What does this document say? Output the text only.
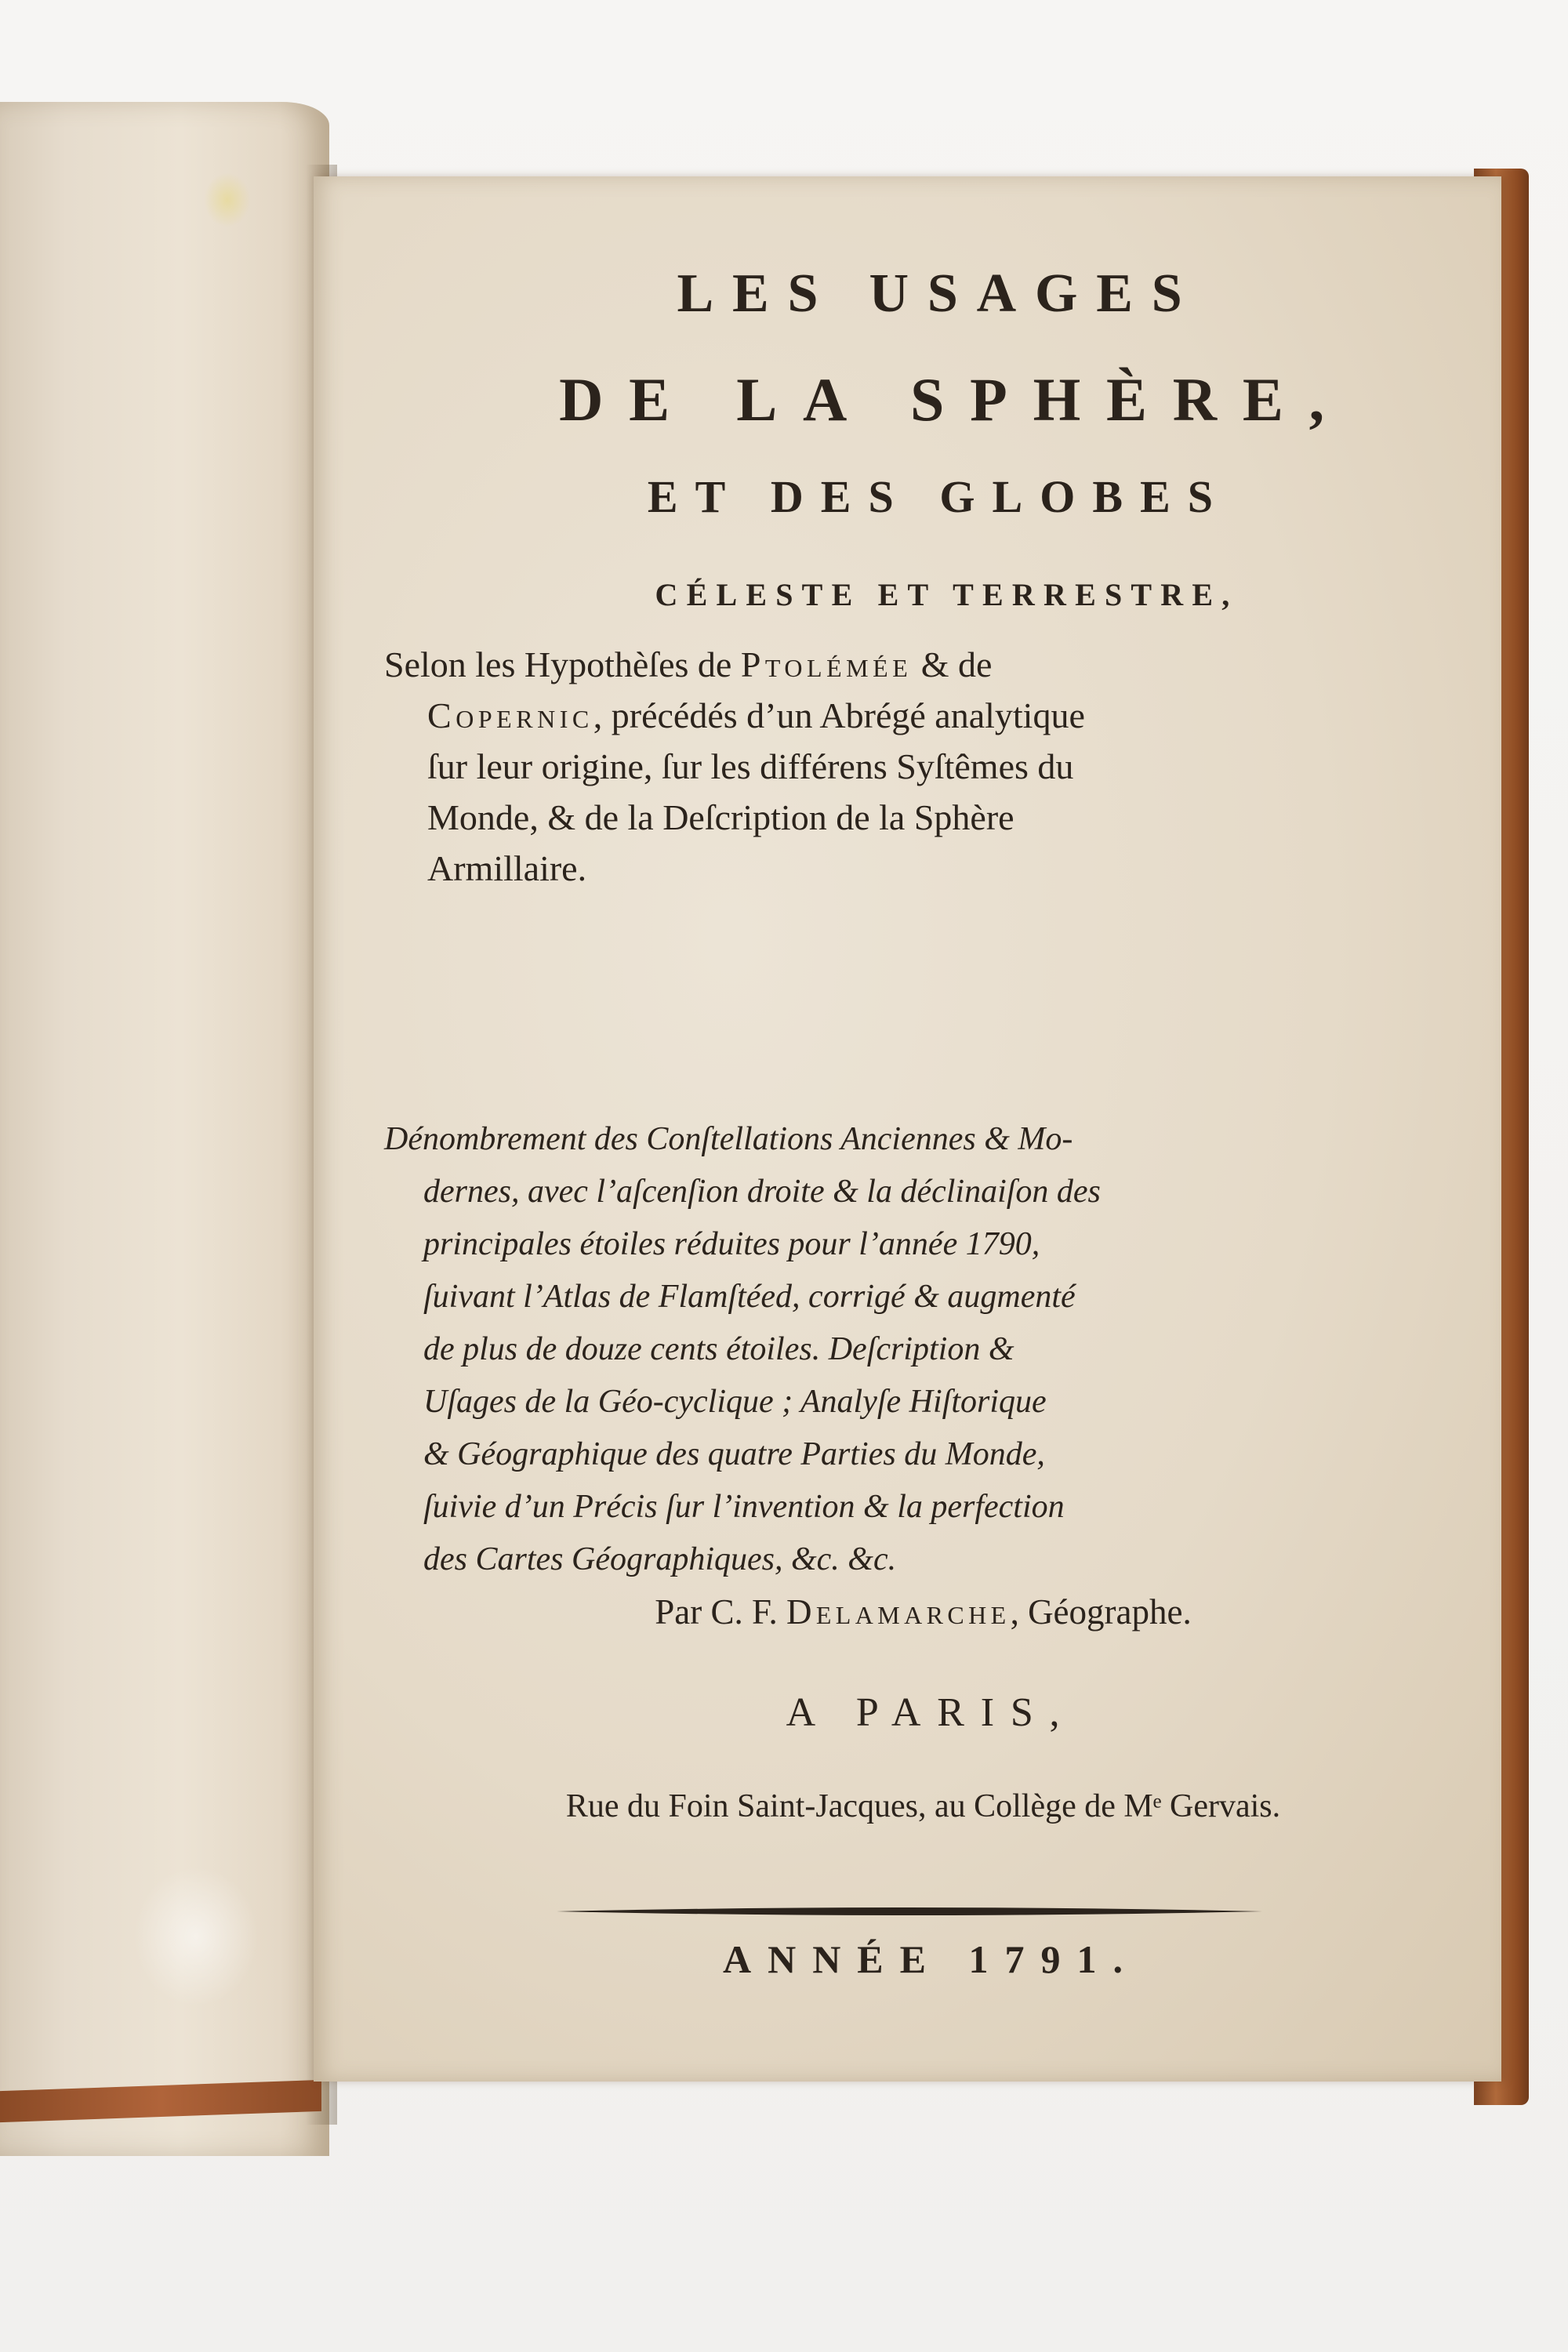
LES USAGES
DE LA SPHÈRE,
ET DES GLOBES
CÉLESTE ET TERRESTRE,
Selon les Hypothèſes de Ptolémée & de
Copernic, précédés d’un Abrégé analytique
ſur leur origine, ſur les différens Syſtêmes du
Monde, & de la Deſcription de la Sphère
Armillaire.
Dénombrement des Conſtellations Anciennes & Mo-
dernes, avec l’aſcenſion droite & la déclinaiſon des
principales étoiles réduites pour l’année 1790,
ſuivant l’Atlas de Flamſtéed, corrigé & augmenté
de plus de douze cents étoiles. Deſcription &
Uſages de la Géo-cyclique ; Analyſe Hiſtorique
& Géographique des quatre Parties du Monde,
ſuivie d’un Précis ſur l’invention & la perfection
des Cartes Géographiques, &c. &c.
Par C. F. Delamarche, Géographe.
A PARIS,
Rue du Foin Saint-Jacques, au Collège de Mᵉ Gervais.
ANNÉE 1791.
